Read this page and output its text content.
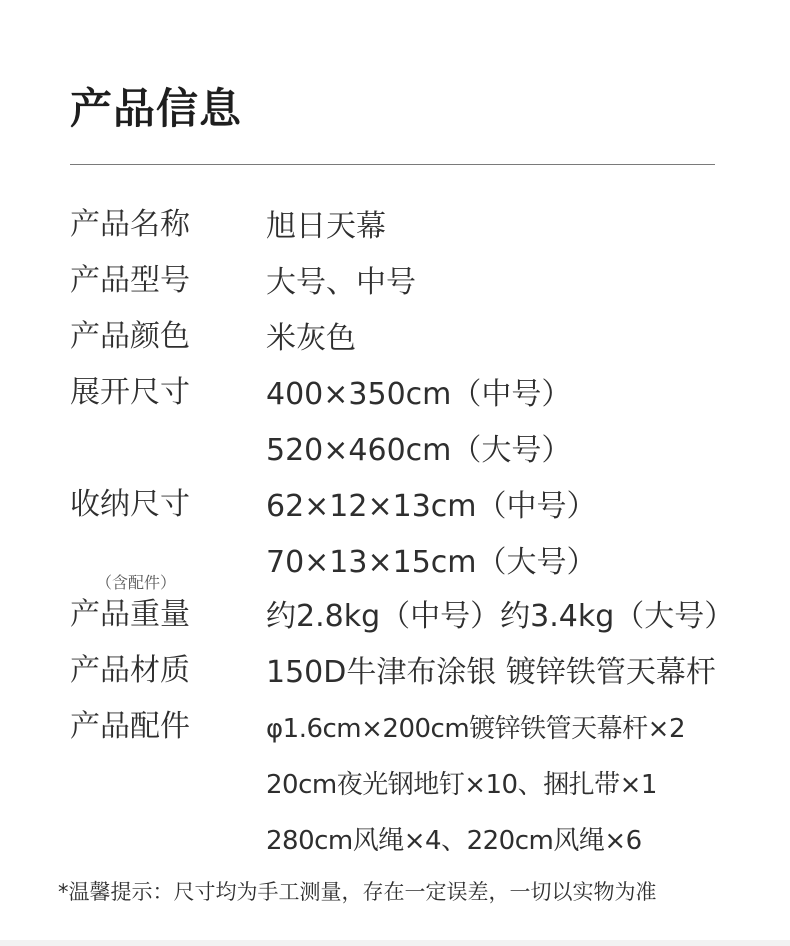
产品信息
产品名称	旭日天幕
产品型号	大号、中号
产品颜色	米灰色
展开尺寸	400×350cm（中号）
520×460cm（大号）
收纳尺寸	62×12×13cm（中号）
70×13×15cm（大号）
（含配件）
产品重量	约2.8kg（中号）约3.4kg（大号）
产品材质	150D牛津布涂银 镀锌铁管天幕杆
产品配件	φ1.6cm×200cm镀锌铁管天幕杆×2
20cm夜光钢地钉×10、捆扎带×1
280cm风绳×4、220cm风绳×6
*温馨提示：尺寸均为手工测量，存在一定误差，一切以实物为准
